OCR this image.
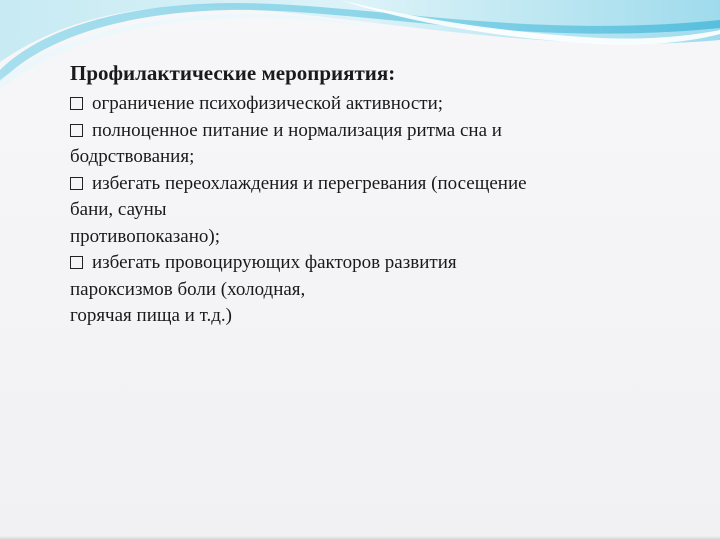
Профилактические мероприятия:
ограничение психофизической активности;
полноценное питание и нормализация ритма сна и
бодрствования;
избегать переохлаждения и перегревания (посещение
бани, сауны
противопоказано);
избегать провоцирующих факторов развития
пароксизмов боли (холодная,
горячая пища и т.д.)
